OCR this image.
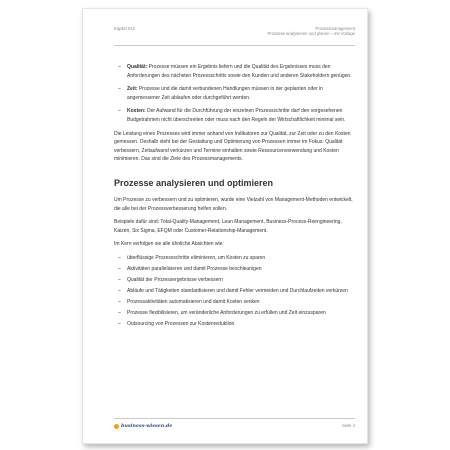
Kapitel 012	Prozessmanagement
Prozesse analysieren und planen – mit Vorlage
– Qualität: Prozesse müssen ein Ergebnis liefern und die Qualität des Ergebnisses muss den Anforderungen des nächsten Prozessschritts sowie den Kunden und anderen Stakeholdern genügen.
– Zeit: Prozesse und die damit verbundenen Handlungen müssen in der geplanten oder in angemessener Zeit ablaufen oder durchgeführt werden.
– Kosten: Der Aufwand für die Durchführung der einzelnen Prozessschritte darf den vorgesehenen Budgetrahmen nicht überschreiten oder muss nach den Regeln der Wirtschaftlichkeit minimal sein.

Die Leistung eines Prozesses wird immer anhand von Indikatoren zur Qualität, zur Zeit oder zu den Kosten gemessen. Deshalb steht bei der Gestaltung und Optimierung von Prozessen immer im Fokus: Qualität verbessern, Zeitaufwand verkürzen und Termine einhalten sowie Ressourcenverwendung und Kosten minimieren. Das sind die Ziele des Prozessmanagements.

Prozesse analysieren und optimieren

Um Prozesse zu verbessern und zu optimieren, wurde eine Vielzahl von Management-Methoden entwickelt, die alle bei der Prozessverbesserung helfen sollen.

Beispiele dafür sind: Total-Quality-Management, Lean Management, Business-Process-Reengineering, Kaizen, Six Sigma, EFQM oder Customer-Relationship-Management.

Im Kern verfolgen sie alle ähnliche Absichten wie:

– überflüssige Prozessschritte eliminieren, um Kosten zu sparen
– Aktivitäten parallelisieren und damit Prozesse beschleunigen
– Qualität der Prozessergebnisse verbessern
– Abläufe und Tätigkeiten standardisieren und damit Fehler vermeiden und Durchlaufzeiten verkürzen
– Prozessaktivitäten automatisieren und damit Kosten senken
– Prozesse flexibilisieren, um veränderliche Anforderungen zu erfüllen und Zeit einzusparen
– Outsourcing von Prozessen zur Kostenreduktion
business-wissen.de	Seite 4
